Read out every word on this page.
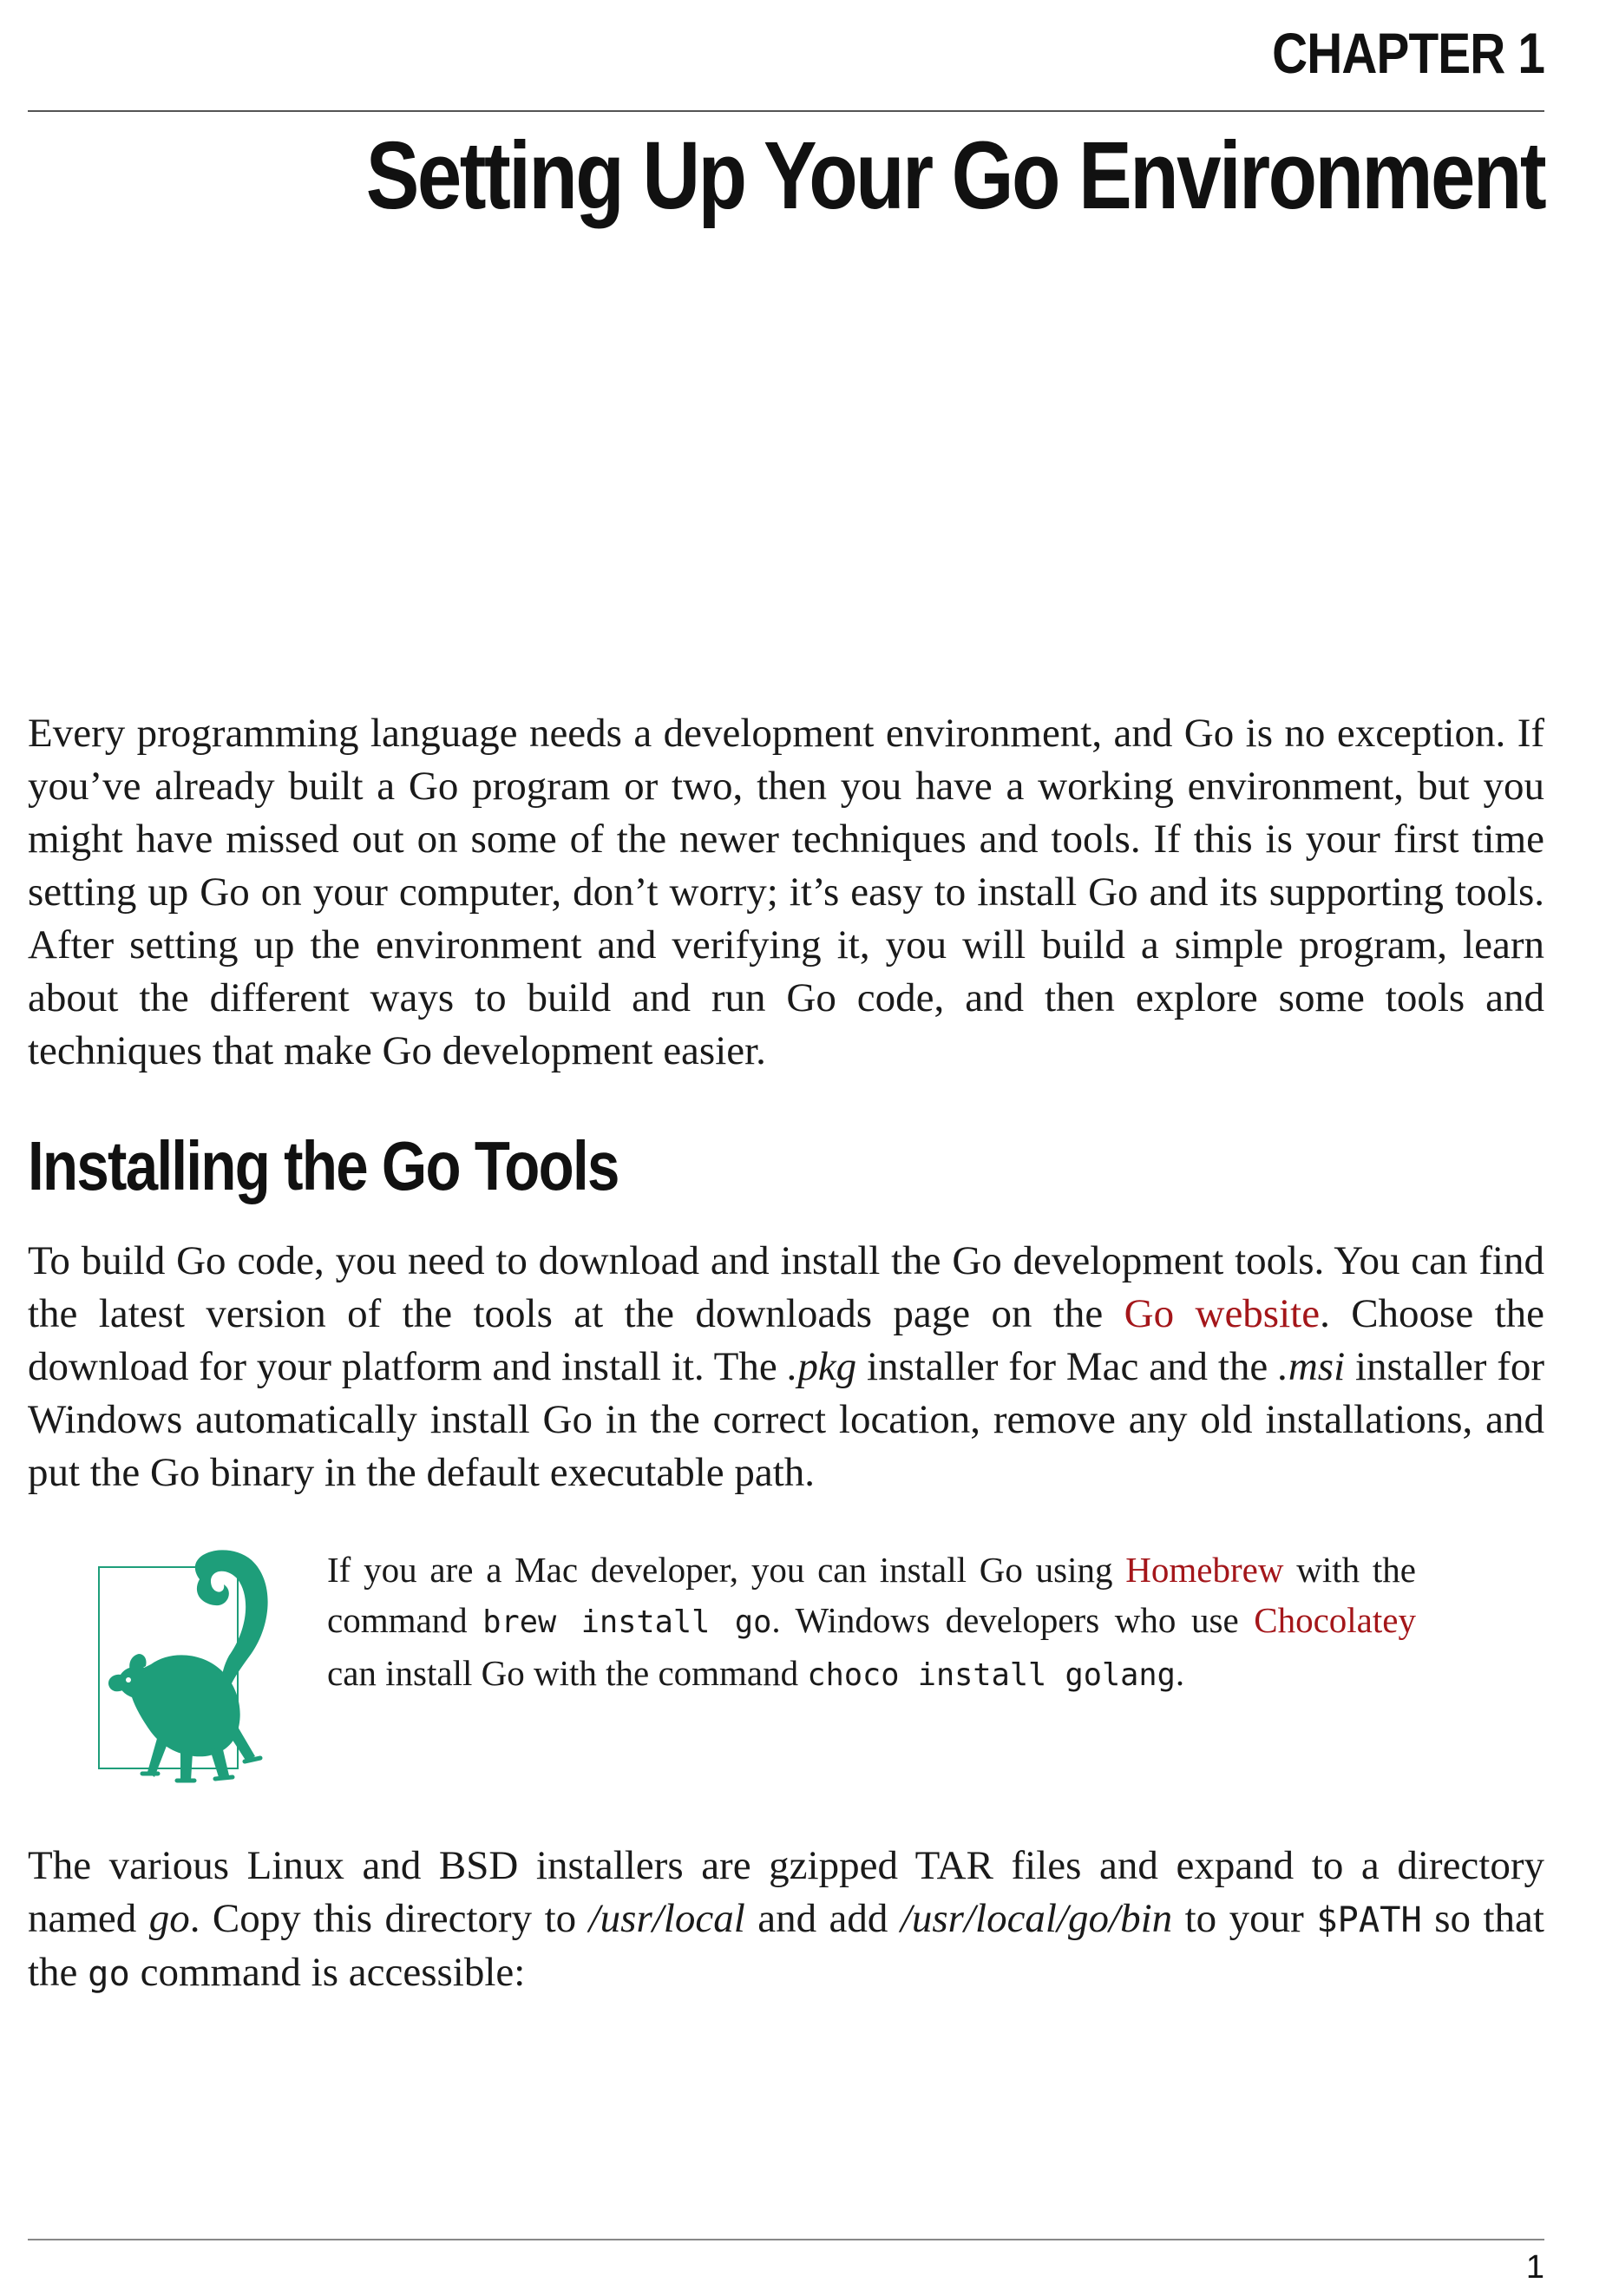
CHAPTER 1
Setting Up Your Go Environment

Every programming language needs a development environment, and Go is no exception. If you’ve already built a Go program or two, then you have a working environment, but you might have missed out on some of the newer techniques and tools. If this is your first time setting up Go on your computer, don’t worry; it’s easy to install Go and its supporting tools. After setting up the environment and verifying it, you will build a simple program, learn about the different ways to build and run Go code, and then explore some tools and techniques that make Go development easier.

Installing the Go Tools

To build Go code, you need to download and install the Go development tools. You can find the latest version of the tools at the downloads page on the Go website. Choose the download for your platform and install it. The .pkg installer for Mac and the .msi installer for Windows automatically install Go in the correct location, remove any old installations, and put the Go binary in the default executable path.

If you are a Mac developer, you can install Go using Homebrew with the command brew install go. Windows developers who use Chocolatey can install Go with the command choco install golang.

The various Linux and BSD installers are gzipped TAR files and expand to a directory named go. Copy this directory to /usr/local and add /usr/local/go/bin to your $PATH so that the go command is accessible:

1
